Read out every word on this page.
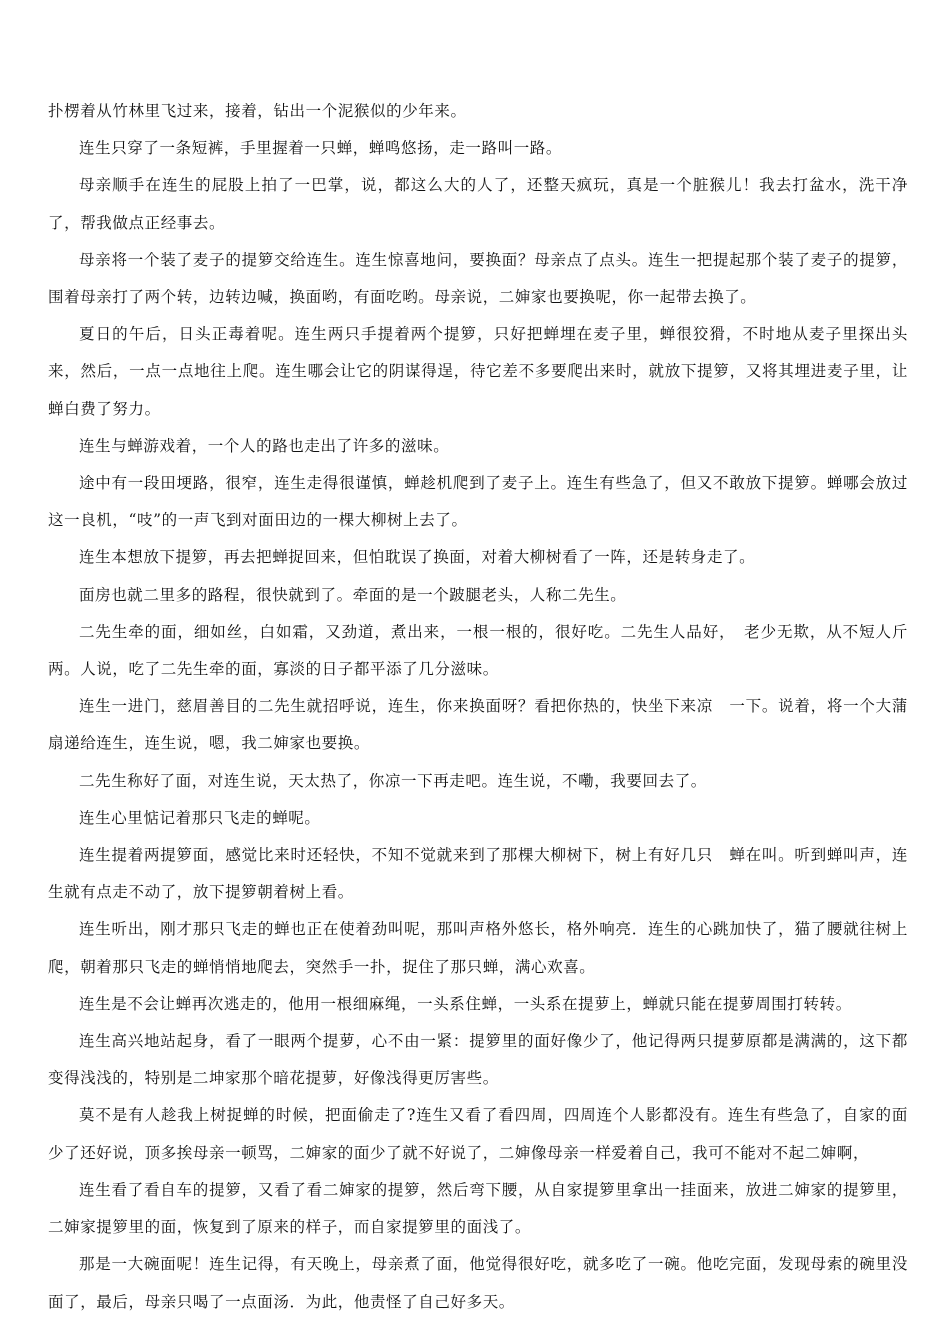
扑楞着从竹林里飞过来，接着，钻出一个泥猴似的少年来。

连生只穿了一条短裤，手里握着一只蝉，蝉鸣悠扬，走一路叫一路。

母亲顺手在连生的屁股上拍了一巴掌，说，都这么大的人了，还整天疯玩，真是一个脏猴儿！我去打盆水，洗干净了，帮我做点正经事去。

母亲将一个装了麦子的提箩交给连生。连生惊喜地问，要换面？母亲点了点头。连生一把提起那个装了麦子的提箩，围着母亲打了两个转，边转边喊，换面哟，有面吃哟。母亲说，二婶家也要换呢，你一起带去换了。

夏日的午后，日头正毒着呢。连生两只手提着两个提箩，只好把蝉埋在麦子里，蝉很狡猾，不时地从麦子里探出头来，然后，一点一点地往上爬。连生哪会让它的阴谋得逞，待它差不多要爬出来时，就放下提箩，又将其埋进麦子里，让蝉白费了努力。

连生与蝉游戏着，一个人的路也走出了许多的滋味。

途中有一段田埂路，很窄，连生走得很谨慎，蝉趁机爬到了麦子上。连生有些急了，但又不敢放下提箩。蝉哪会放过这一良机，“吱”的一声飞到对面田边的一棵大柳树上去了。

连生本想放下提箩，再去把蝉捉回来，但怕耽误了换面，对着大柳树看了一阵，还是转身走了。

面房也就二里多的路程，很快就到了。牵面的是一个跛腿老头，人称二先生。

二先生牵的面，细如丝，白如霜，又劲道，煮出来，一根一根的，很好吃。二先生人品好，　老少无欺，从不短人斤两。人说，吃了二先生牵的面，寡淡的日子都平添了几分滋味。

连生一进门，慈眉善目的二先生就招呼说，连生，你来换面呀？看把你热的，快坐下来凉　一下。说着，将一个大蒲扇递给连生，连生说，嗯，我二婶家也要换。

二先生称好了面，对连生说，天太热了，你凉一下再走吧。连生说，不嘞，我要回去了。

连生心里惦记着那只飞走的蝉呢。

连生提着两提箩面，感觉比来时还轻快，不知不觉就来到了那棵大柳树下，树上有好几只　蝉在叫。听到蝉叫声，连生就有点走不动了，放下提箩朝着树上看。

连生听出，刚才那只飞走的蝉也正在使着劲叫呢，那叫声格外悠长，格外响亮．连生的心跳加快了，猫了腰就往树上爬，朝着那只飞走的蝉悄悄地爬去，突然手一扑，捉住了那只蝉，满心欢喜。

连生是不会让蝉再次逃走的，他用一根细麻绳，一头系住蝉，一头系在提萝上，蝉就只能在提萝周围打转转。

连生高兴地站起身，看了一眼两个提萝，心不由一紧：提箩里的面好像少了，他记得两只提萝原都是满满的，这下都变得浅浅的，特别是二坤家那个暗花提萝，好像浅得更厉害些。

莫不是有人趁我上树捉蝉的时候，把面偷走了?连生又看了看四周，四周连个人影都没有。连生有些急了，自家的面少了还好说，顶多挨母亲一顿骂，二婶家的面少了就不好说了，二婶像母亲一样爱着自己，我可不能对不起二婶啊，

连生看了看自车的提箩，又看了看二婶家的提箩，然后弯下腰，从自家提箩里拿出一挂面来，放进二婶家的提箩里，二婶家提箩里的面，恢复到了原来的样子，而自家提箩里的面浅了。

那是一大碗面呢！连生记得，有天晚上，母亲煮了面，他觉得很好吃，就多吃了一碗。他吃完面，发现母索的碗里没面了，最后，母亲只喝了一点面汤．为此，他责怪了自己好多天。
